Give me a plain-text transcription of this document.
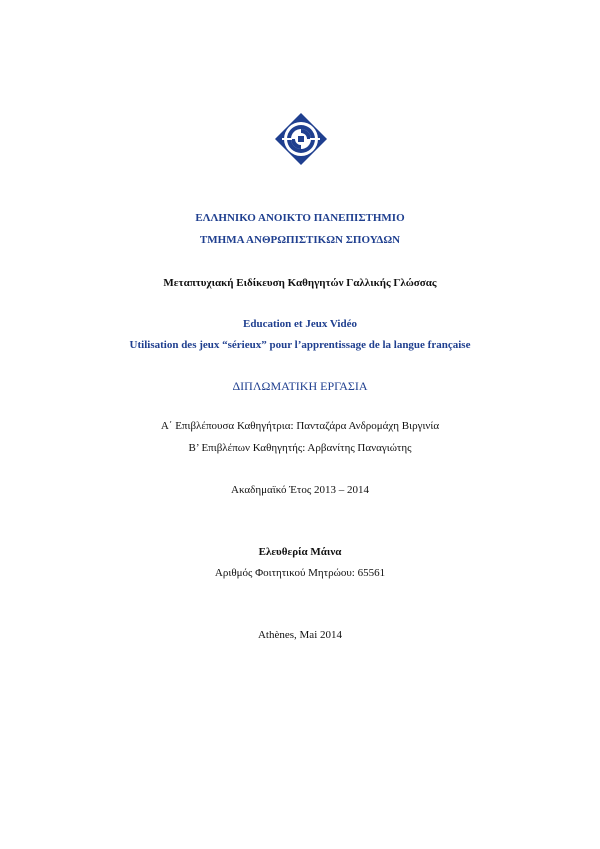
ΕΛΛΗΝΙΚΟ ΑΝΟΙΚΤΟ ΠΑΝΕΠΙΣΤΗΜΙΟ
ΤΜΗΜΑ ΑΝΘΡΩΠΙΣΤΙΚΩΝ ΣΠΟΥΔΩΝ
Μεταπτυχιακή Ειδίκευση Καθηγητών Γαλλικής Γλώσσας
Education et Jeux Vidéo
Utilisation des jeux “sérieux” pour l’apprentissage de la langue française
ΔΙΠΛΩΜΑΤΙΚΗ ΕΡΓΑΣΙΑ
Α΄ Επιβλέπουσα Καθηγήτρια: Πανταζάρα Ανδρομάχη Βιργινία
Β’ Επιβλέπων Καθηγητής: Αρβανίτης Παναγιώτης
Ακαδημαϊκό Έτος 2013 – 2014
Ελευθερία Μάινα
Αριθμός Φοιτητικού Μητρώου: 65561
Athènes, Mai 2014
